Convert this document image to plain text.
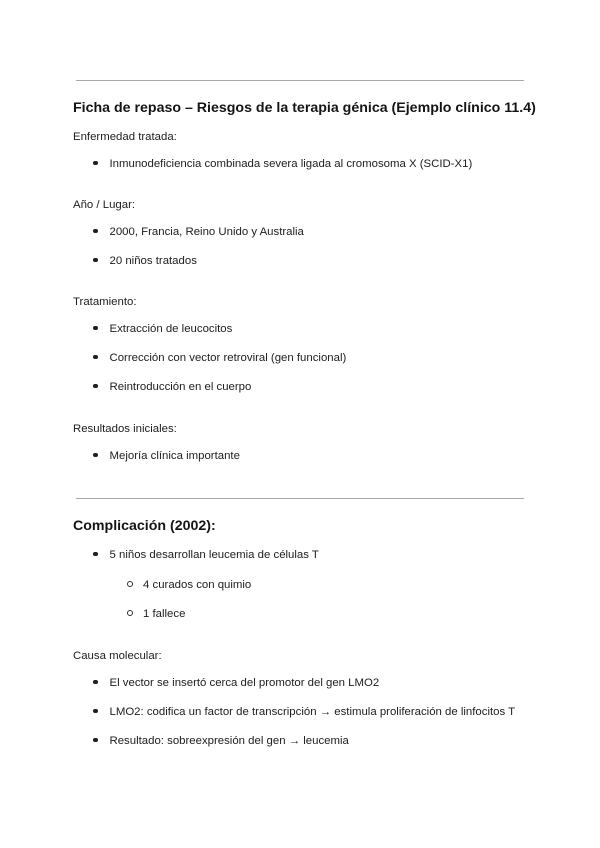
Ficha de repaso – Riesgos de la terapia génica (Ejemplo clínico 11.4)
Enfermedad tratada:
Inmunodeficiencia combinada severa ligada al cromosoma X (SCID-X1)
Año / Lugar:
2000, Francia, Reino Unido y Australia
20 niños tratados
Tratamiento:
Extracción de leucocitos
Corrección con vector retroviral (gen funcional)
Reintroducción en el cuerpo
Resultados iniciales:
Mejoría clínica importante
Complicación (2002):
5 niños desarrollan leucemia de células T
4 curados con quimio
1 fallece
Causa molecular:
El vector se insertó cerca del promotor del gen LMO2
LMO2: codifica un factor de transcripción → estimula proliferación de linfocitos T
Resultado: sobreexpresión del gen → leucemia
